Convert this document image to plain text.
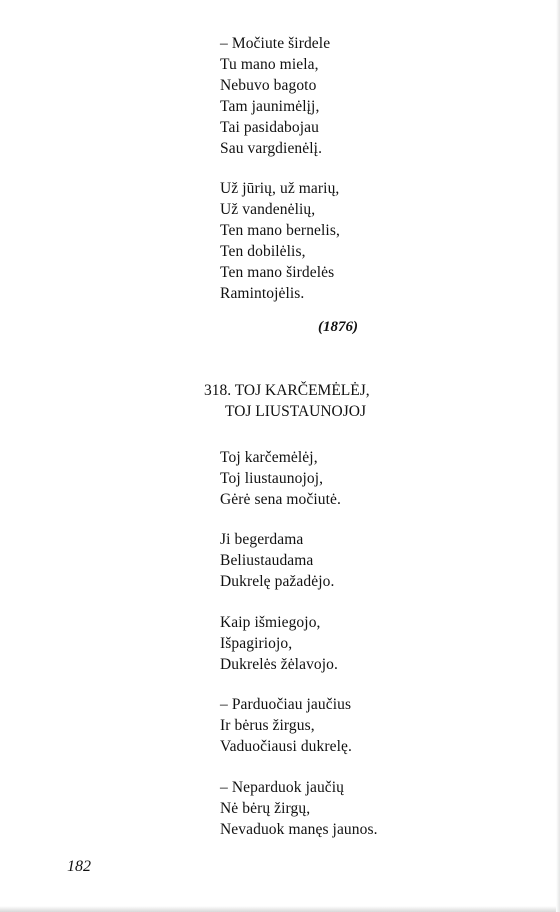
– Močiute širdele
Tu mano miela,
Nebuvo bagoto
Tam jaunimėlįj,
Tai pasidabojau
Sau vargdienėlį.
Už jūrių, už marių,
Už vandenėlių,
Ten mano bernelis,
Ten dobilėlis,
Ten mano širdelės
Ramintojėlis.
(1876)
318. TOJ KARČEMĖLĖJ,
TOJ LIUSTAUNOJOJ
Toj karčemėlėj,
Toj liustaunojoj,
Gėrė sena močiutė.
Ji begerdama
Beliustaudama
Dukrelę pažadėjo.
Kaip išmiegojo,
Išpagiriojo,
Dukrelės žėlavojo.
– Parduočiau jaučius
Ir bėrus žirgus,
Vaduočiausi dukrelę.
– Neparduok jaučių
Nė bėrų žirgų,
Nevaduok manęs jaunos.
182
